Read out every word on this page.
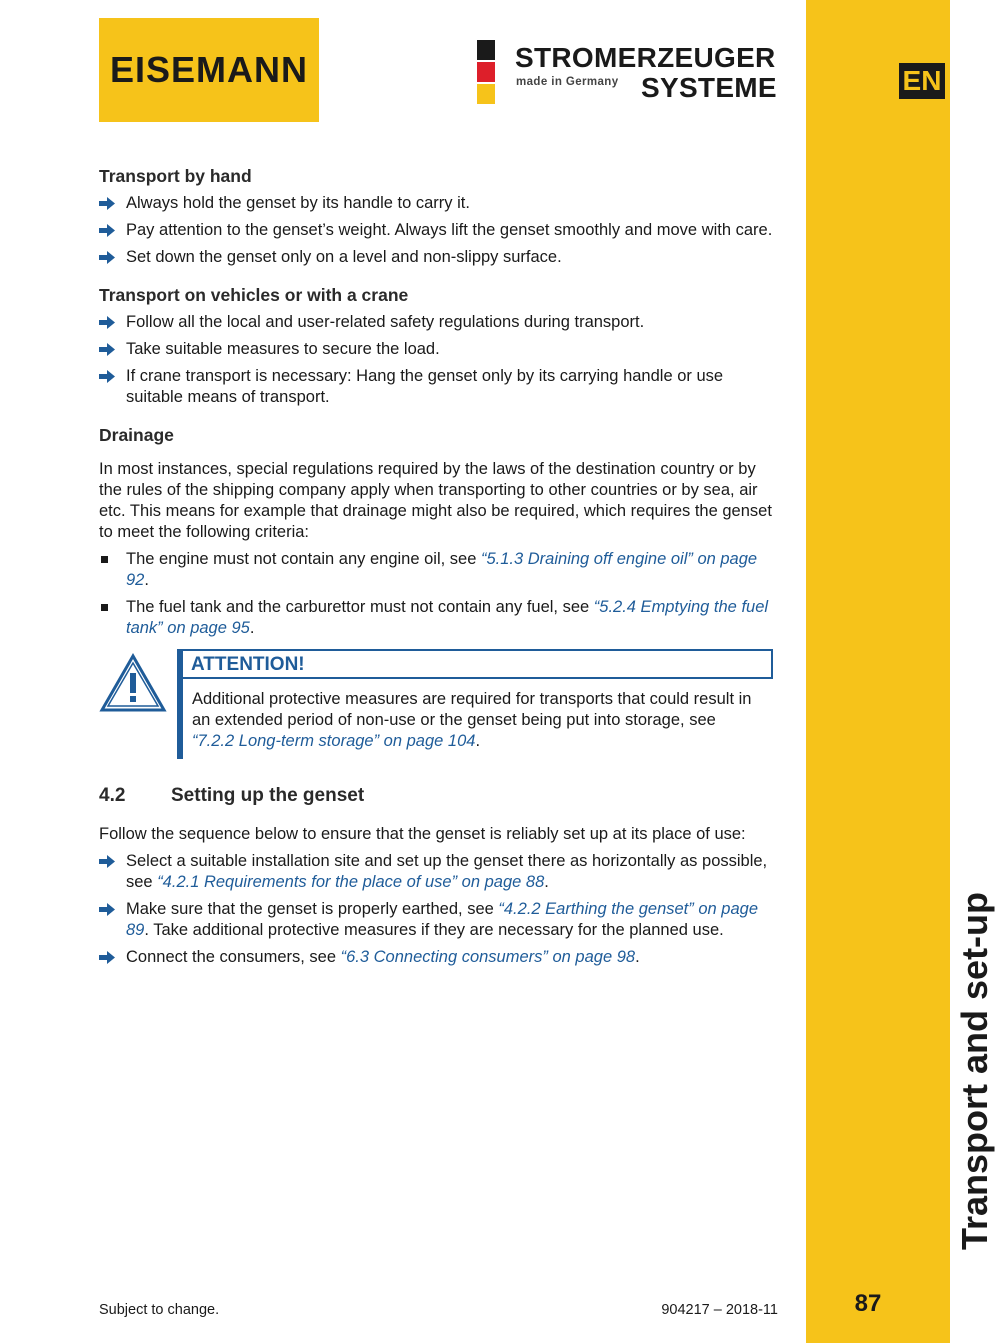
EISEMANN	STROMERZEUGER
made in Germany SYSTEME	EN
Transport and set-up
87
Transport by hand
Always hold the genset by its handle to carry it.
Pay attention to the genset’s weight. Always lift the genset smoothly and move with care.
Set down the genset only on a level and non-slippy surface.
Transport on vehicles or with a crane
Follow all the local and user-related safety regulations during transport.
Take suitable measures to secure the load.
If crane transport is necessary: Hang the genset only by its carrying handle or use suitable means of transport.
Drainage

In most instances, special regulations required by the laws of the destination country or by the rules of the shipping company apply when transporting to other countries or by sea, air etc. This means for example that drainage might also be required, which requires the genset to meet the following criteria:

The engine must not contain any engine oil, see “5.1.3 Draining off engine oil” on page 92.
The fuel tank and the carburettor must not contain any fuel, see “5.2.4 Emptying the fuel tank” on page 95.
ATTENTION!
Additional protective measures are required for transports that could result in an extended period of non-use or the genset being put into storage, see “7.2.2 Long-term storage” on page 104.
4.2 Setting up the genset

Follow the sequence below to ensure that the genset is reliably set up at its place of use:

Select a suitable installation site and set up the genset there as horizontally as possible, see “4.2.1 Requirements for the place of use” on page 88.
Make sure that the genset is properly earthed, see “4.2.2 Earthing the genset” on page 89. Take additional protective measures if they are necessary for the planned use.
Connect the consumers, see “6.3 Connecting consumers” on page 98.
Subject to change.	904217 – 2018-11
